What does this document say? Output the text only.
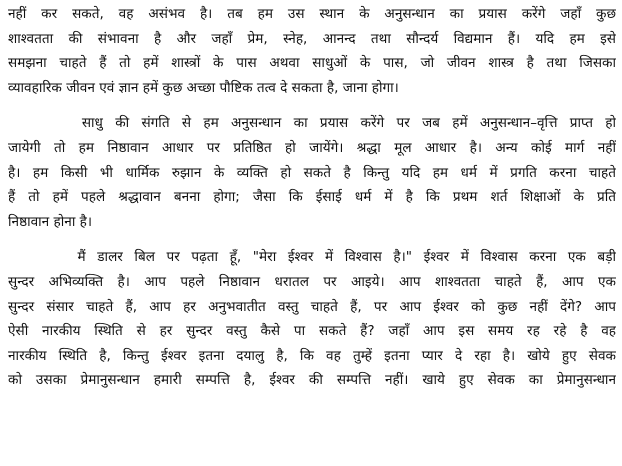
नहीं कर सकते, वह असंभव है। तब हम उस स्थान के अनुसन्धान का प्रयास करेंगे जहाँ कुछ
शाश्वतता की संभावना है और जहाँ प्रेम, स्नेह, आनन्द तथा सौन्दर्य विद्यमान हैं। यदि हम इसे
समझना चाहते हैं तो हमें शास्त्रों के पास अथवा साधुओं के पास, जो जीवन शास्त्र है तथा जिसका
व्यावहारिक जीवन एवं ज्ञान हमें कुछ अच्छा पौष्टिक तत्व दे सकता है, जाना होगा।
साधु की संगति से हम अनुसन्धान का प्रयास करेंगे पर जब हमें अनुसन्धान–वृत्ति प्राप्त हो
जायेगी तो हम निष्ठावान आधार पर प्रतिष्ठित हो जायेंगे। श्रद्धा मूल आधार है। अन्य कोई मार्ग नहीं
है। हम किसी भी धार्मिक रुझान के व्यक्ति हो सकते है किन्तु यदि हम धर्म में प्रगति करना चाहते
हैं तो हमें पहले श्रद्धावान बनना होगा; जैसा कि ईसाई धर्म में है कि प्रथम शर्त शिक्षाओं के प्रति
निष्ठावान होना है।
मैं डालर बिल पर पढ़ता हूँ, "मेरा ईश्वर में विश्वास है।" ईश्वर में विश्वास करना एक बड़ी
सुन्दर अभिव्यक्ति है। आप पहले निष्ठावान धरातल पर आइये। आप शाश्वतता चाहते हैं, आप एक
सुन्दर संसार चाहते हैं, आप हर अनुभवातीत वस्तु चाहते हैं, पर आप ईश्वर को कुछ नहीं देंगे? आप
ऐसी नारकीय स्थिति से हर सुन्दर वस्तु कैसे पा सकते हैं? जहाँ आप इस समय रह रहे है वह
नारकीय स्थिति है, किन्तु ईश्वर इतना दयालु है, कि वह तुम्हें इतना प्यार दे रहा है। खोये हुए सेवक
को उसका प्रेमानुसन्धान हमारी सम्पत्ति है, ईश्वर की सम्पत्ति नहीं। खाये हुए सेवक का प्रेमानुसन्धान
